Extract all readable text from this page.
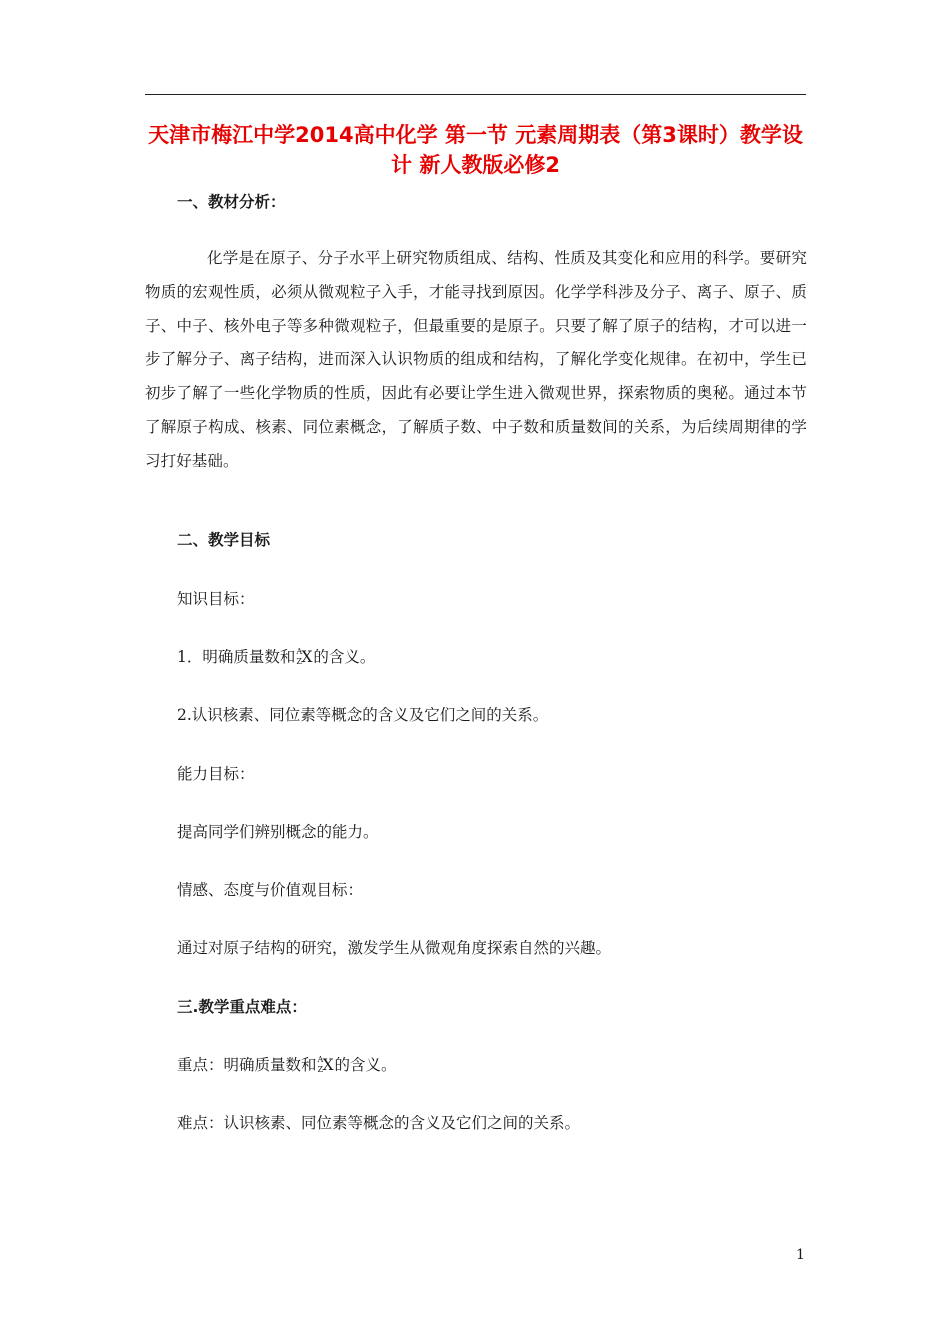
天津市梅江中学2014高中化学 第一节 元素周期表（第3课时）教学设计 新人教版必修2
一、教材分析：
化学是在原子、分子水平上研究物质组成、结构、性质及其变化和应用的科学。要研究物质的宏观性质，必须从微观粒子入手，才能寻找到原因。化学学科涉及分子、离子、原子、质子、中子、核外电子等多种微观粒子，但最重要的是原子。只要了解了原子的结构，才可以进一步了解分子、离子结构，进而深入认识物质的组成和结构，了解化学变化规律。在初中，学生已初步了解了一些化学物质的性质，因此有必要让学生进入微观世界，探索物质的奥秘。通过本节了解原子构成、核素、同位素概念，了解质子数、中子数和质量数间的关系，为后续周期律的学习打好基础。
二、教学目标
知识目标：
1．明确质量数和 A
Z X 的含义。
2.认识核素、同位素等概念的含义及它们之间的关系。
能力目标：
提高同学们辨别概念的能力。
情感、态度与价值观目标：
通过对原子结构的研究，激发学生从微观角度探索自然的兴趣。
三.教学重点难点：
重点：明确质量数和 A
Z X 的含义。
难点：认识核素、同位素等概念的含义及它们之间的关系。
1
